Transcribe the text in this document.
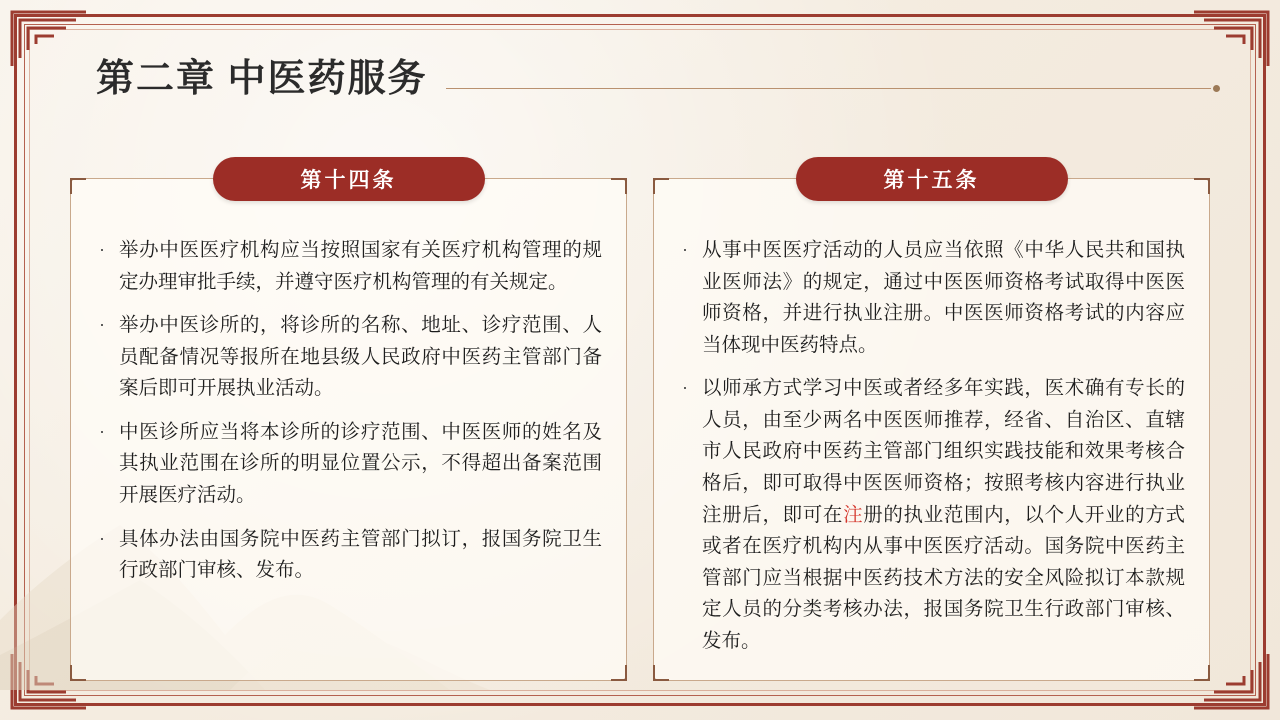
第二章 中医药服务
第十四条
· 举办中医医疗机构应当按照国家有关医疗机构管理的规定办理审批手续，并遵守医疗机构管理的有关规定。
· 举办中医诊所的，将诊所的名称、地址、诊疗范围、人员配备情况等报所在地县级人民政府中医药主管部门备案后即可开展执业活动。
· 中医诊所应当将本诊所的诊疗范围、中医医师的姓名及其执业范围在诊所的明显位置公示，不得超出备案范围开展医疗活动。
· 具体办法由国务院中医药主管部门拟订，报国务院卫生行政部门审核、发布。
第十五条
· 从事中医医疗活动的人员应当依照《中华人民共和国执业医师法》的规定，通过中医医师资格考试取得中医医师资格，并进行执业注册。中医医师资格考试的内容应当体现中医药特点。
· 以师承方式学习中医或者经多年实践，医术确有专长的人员，由至少两名中医医师推荐，经省、自治区、直辖市人民政府中医药主管部门组织实践技能和效果考核合格后，即可取得中医医师资格；按照考核内容进行执业注册后，即可在注册的执业范围内，以个人开业的方式或者在医疗机构内从事中医医疗活动。国务院中医药主管部门应当根据中医药技术方法的安全风险拟订本款规定人员的分类考核办法，报国务院卫生行政部门审核、发布。
